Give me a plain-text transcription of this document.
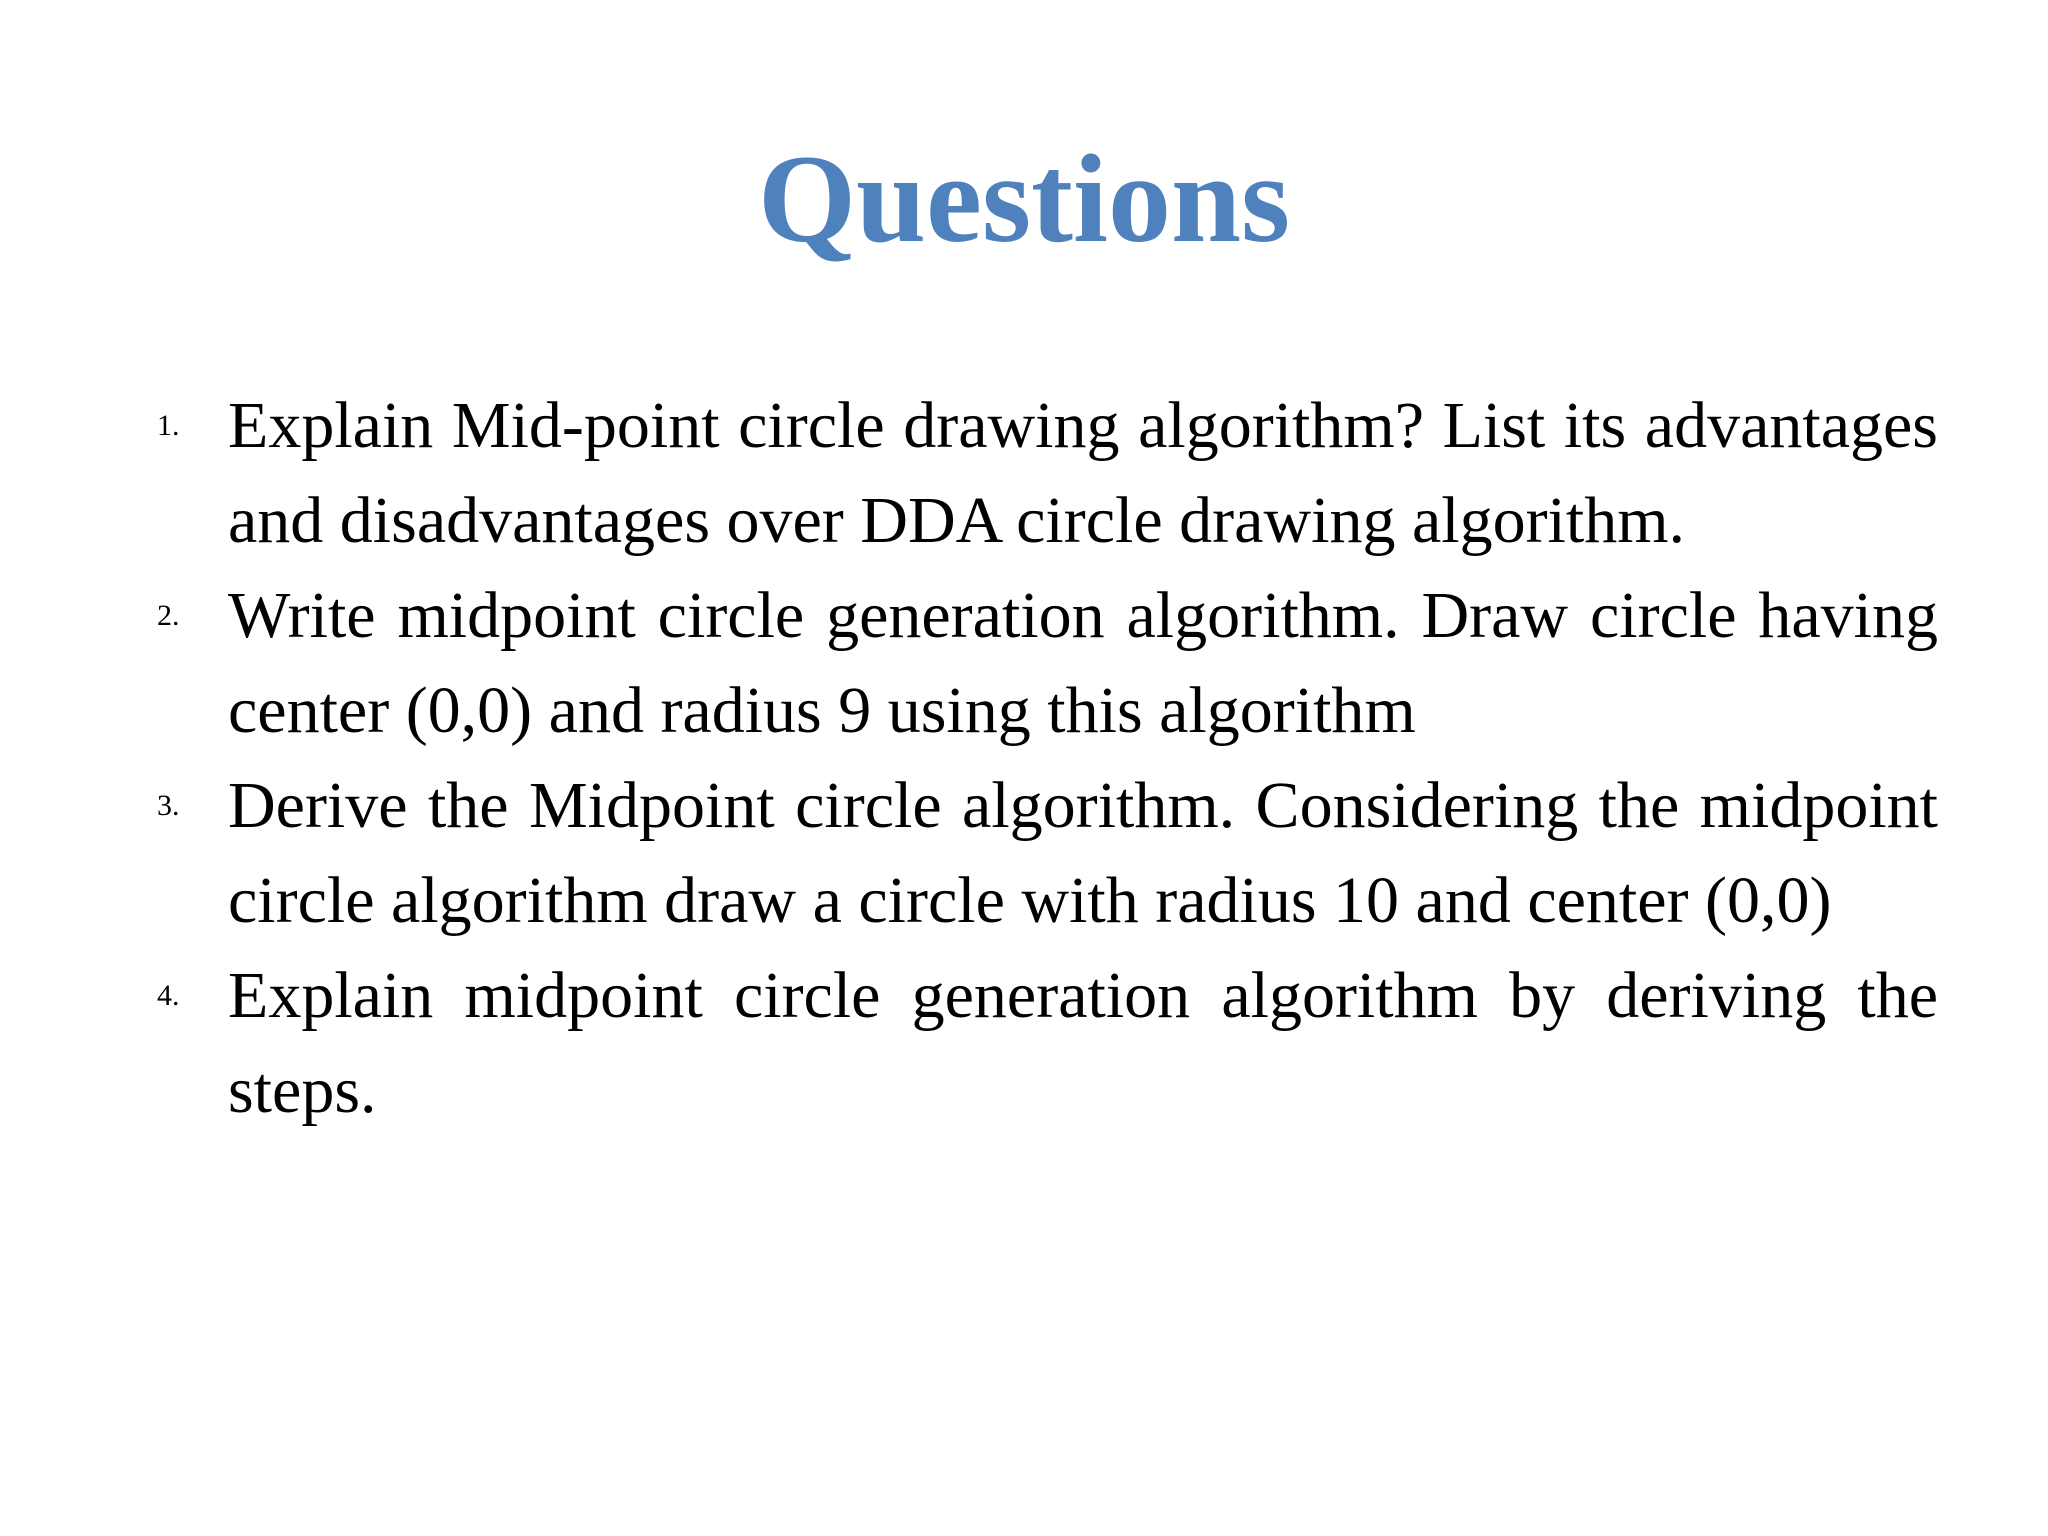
Questions
1. Explain Mid-point circle drawing algorithm? List its advantages and disadvantages over DDA circle drawing algorithm.
2. Write midpoint circle generation algorithm. Draw circle having center (0,0) and radius 9 using this algorithm
3. Derive the Midpoint circle algorithm. Considering the midpoint circle algorithm draw a circle with radius 10 and center (0,0)
4. Explain midpoint circle generation algorithm by deriving the steps.
